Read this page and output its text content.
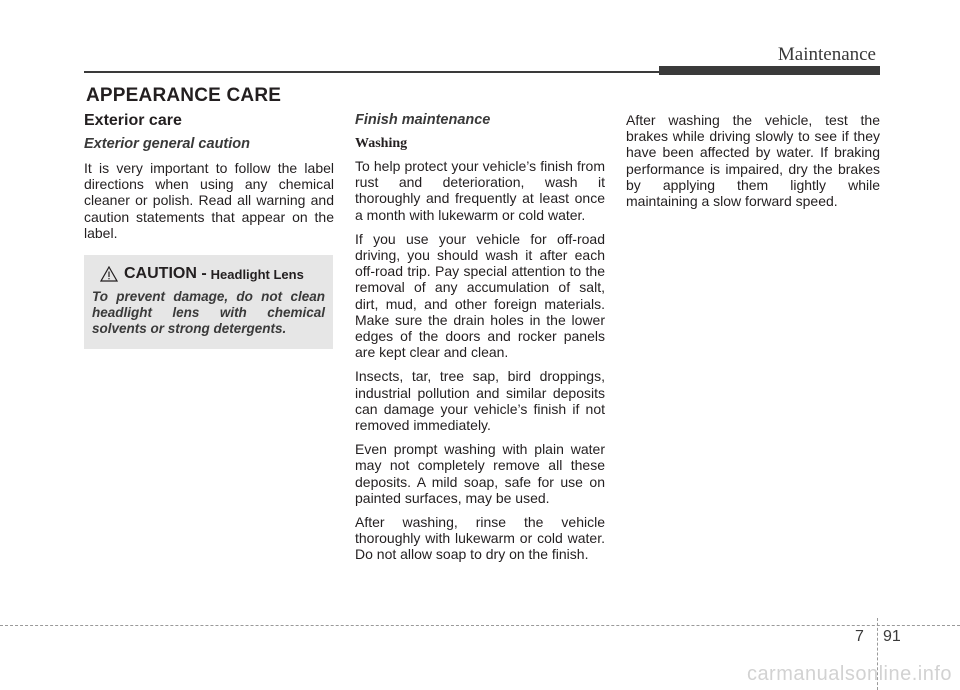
Maintenance
APPEARANCE CARE
Exterior care
Exterior general caution

It is very important to follow the label directions when using any chemical cleaner or polish. Read all warning and caution statements that appear on the label.

CAUTION - Headlight Lens

To prevent damage, do not clean headlight lens with chemical solvents or strong detergents.

Finish maintenance
Washing

To help protect your vehicle’s finish from rust and deterioration, wash it thoroughly and frequently at least once a month with lukewarm or cold water.

If you use your vehicle for off-road driving, you should wash it after each off-road trip. Pay special attention to the removal of any accumulation of salt, dirt, mud, and other foreign materials. Make sure the drain holes in the lower edges of the doors and rocker panels are kept clear and clean.

Insects, tar, tree sap, bird droppings, industrial pollution and similar deposits can damage your vehicle’s finish if not removed immediately.

Even prompt washing with plain water may not completely remove all these deposits. A mild soap, safe for use on painted surfaces, may be used.

After washing, rinse the vehicle thoroughly with lukewarm or cold water. Do not allow soap to dry on the finish.

After washing the vehicle, test the brakes while driving slowly to see if they have been affected by water. If braking performance is impaired, dry the brakes by applying them lightly while maintaining a slow forward speed.

7 91
carmanualsonline.info
